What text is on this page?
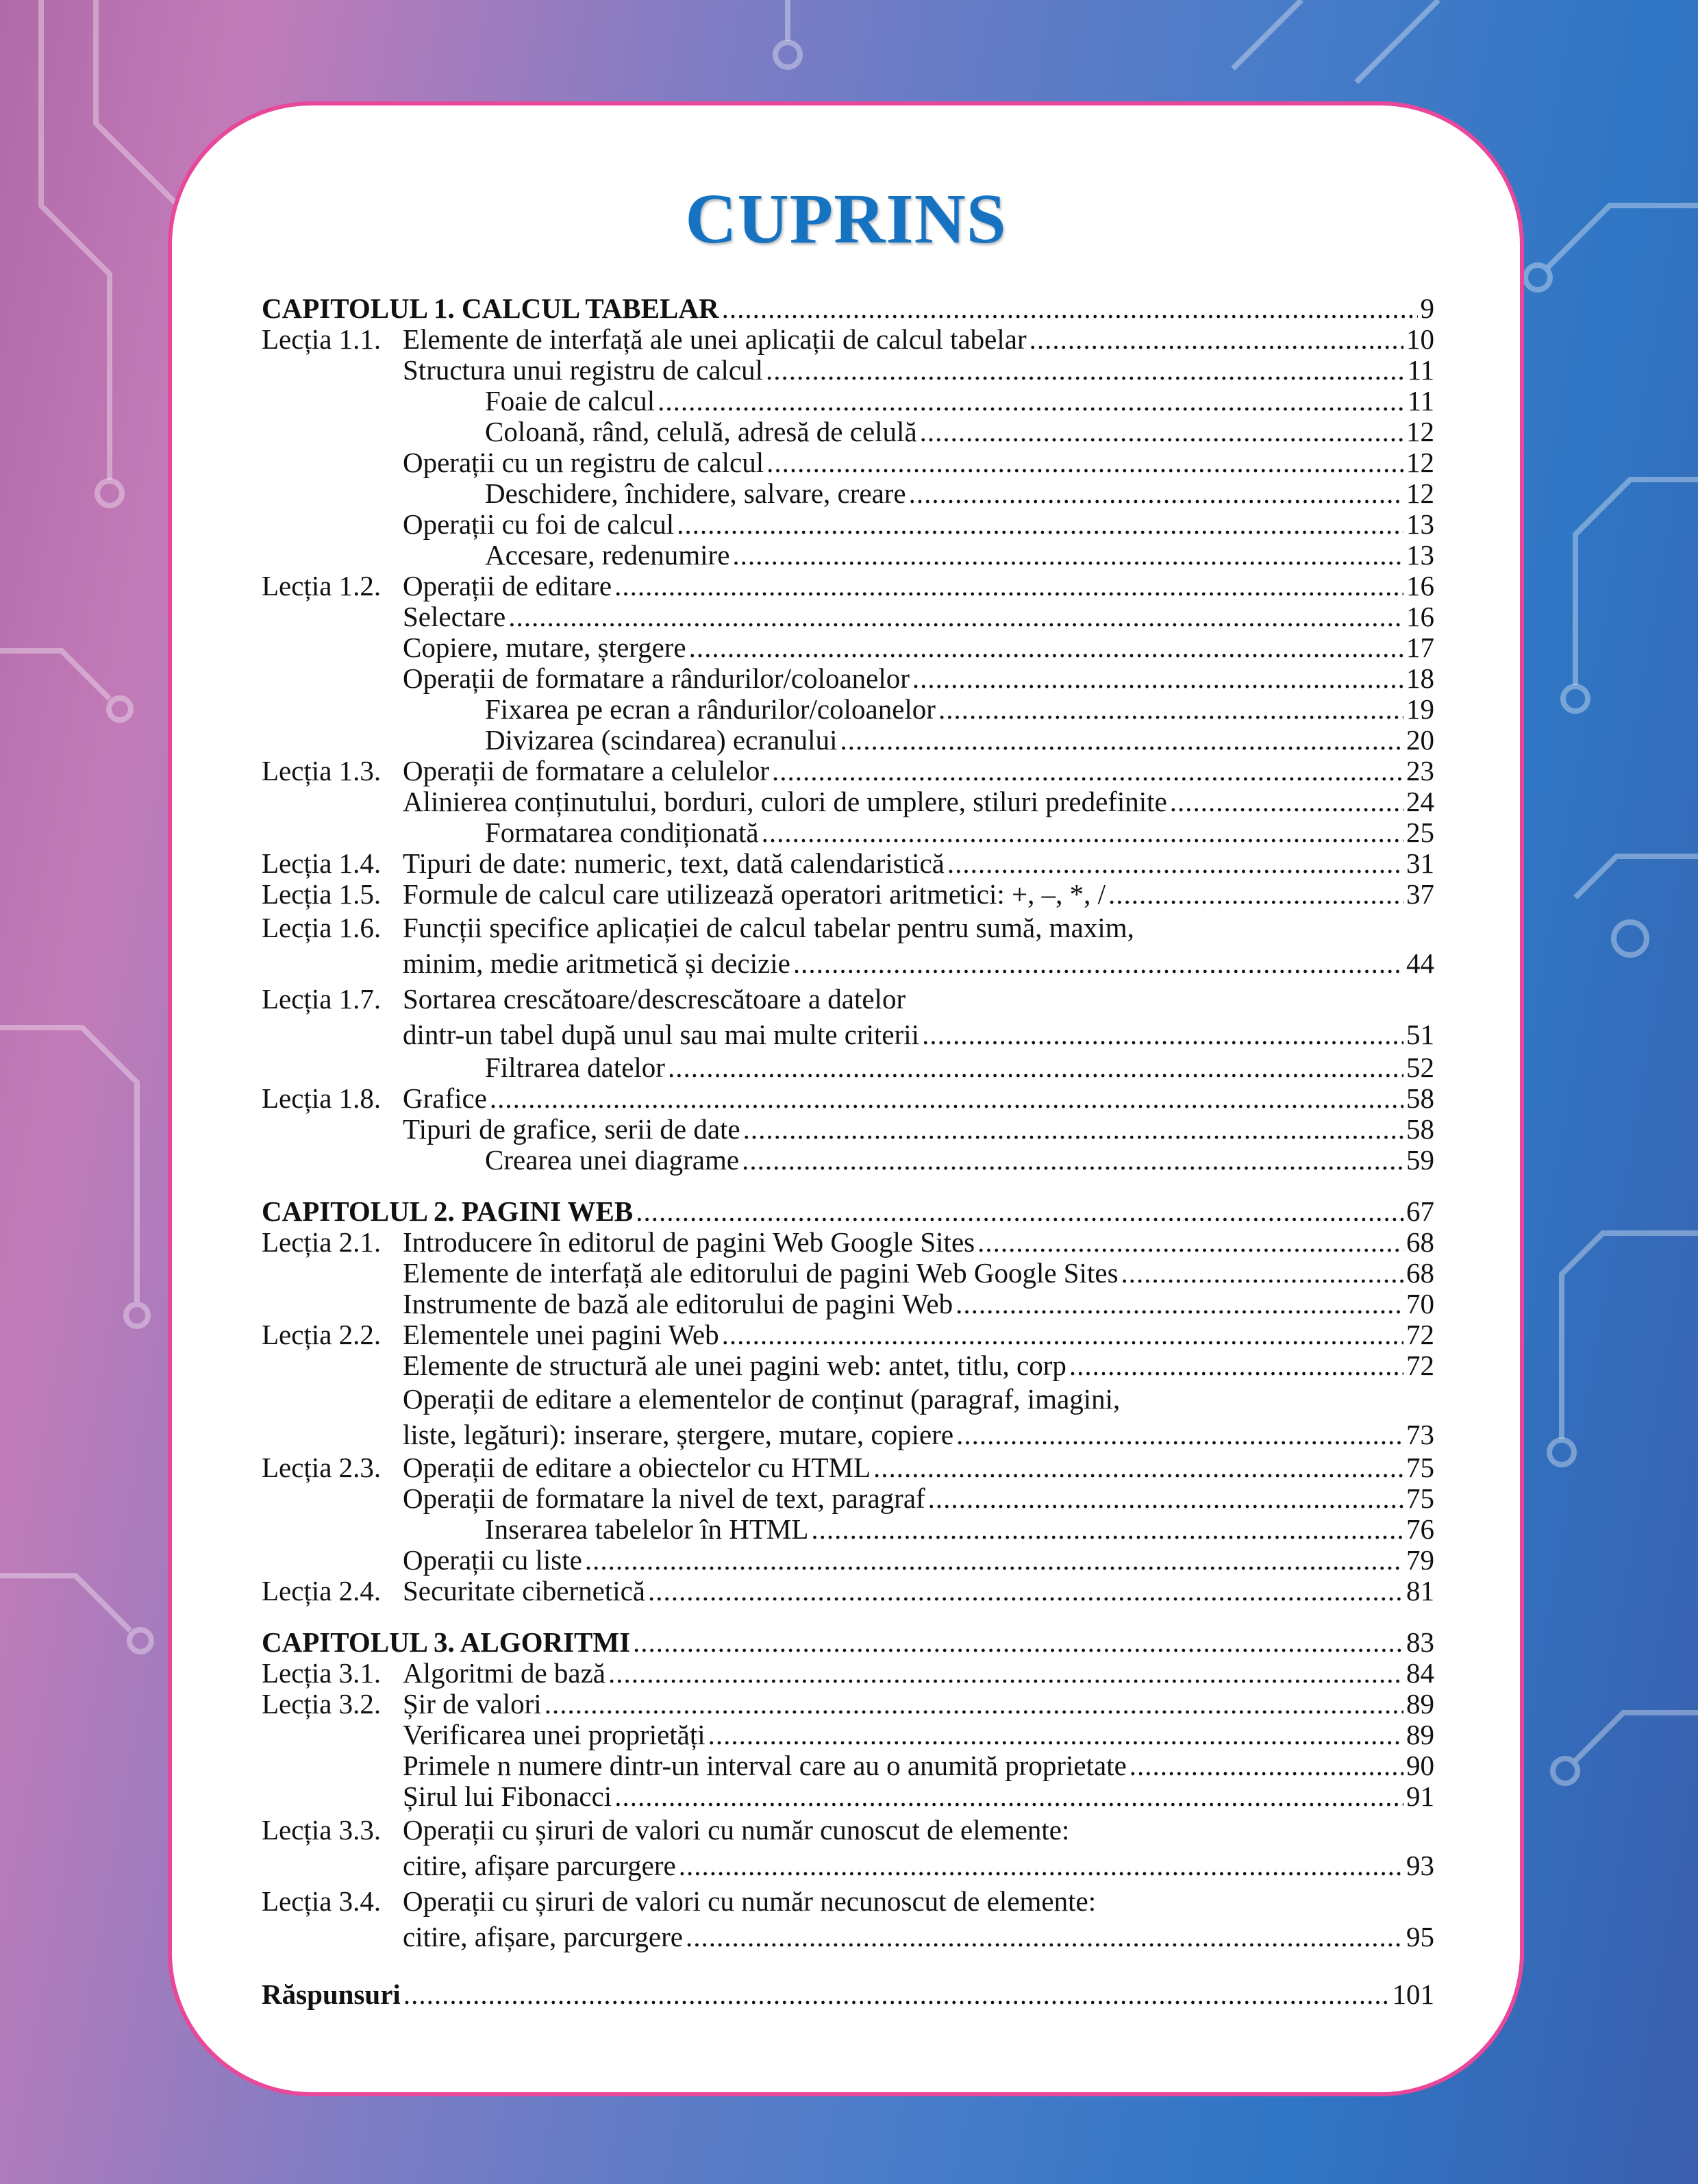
CUPRINS
CAPITOLUL 1. CALCUL TABELAR .....	9
Lecția 1.1. Elemente de interfață ale unei aplicații de calcul tabelar .....	10
Structura unui registru de calcul .....	11
Foaie de calcul .....	11
Coloană, rând, celulă, adresă de celulă .....	12
Operații cu un registru de calcul .....	12
Deschidere, închidere, salvare, creare .....	12
Operații cu foi de calcul .....	13
Accesare, redenumire .....	13
Lecția 1.2. Operații de editare .....	16
Selectare .....	16
Copiere, mutare, ștergere .....	17
Operații de formatare a rândurilor/coloanelor .....	18
Fixarea pe ecran a rândurilor/coloanelor .....	19
Divizarea (scindarea) ecranului .....	20
Lecția 1.3. Operații de formatare a celulelor .....	23
Alinierea conținutului, borduri, culori de umplere, stiluri predefinite .....	24
Formatarea condiționată .....	25
Lecția 1.4. Tipuri de date: numeric, text, dată calendaristică .....	31
Lecția 1.5. Formule de calcul care utilizează operatori aritmetici: +, –, *, / .....	37
Lecția 1.6. Funcții specifice aplicației de calcul tabelar pentru sumă, maxim,
minim, medie aritmetică și decizie .....	44
Lecția 1.7. Sortarea crescătoare/descrescătoare a datelor
dintr-un tabel după unul sau mai multe criterii .....	51
Filtrarea datelor .....	52
Lecția 1.8. Grafice .....	58
Tipuri de grafice, serii de date .....	58
Crearea unei diagrame .....	59
CAPITOLUL 2. PAGINI WEB .....	67
Lecția 2.1. Introducere în editorul de pagini Web Google Sites .....	68
Elemente de interfață ale editorului de pagini Web Google Sites .....	68
Instrumente de bază ale editorului de pagini Web .....	70
Lecția 2.2. Elementele unei pagini Web .....	72
Elemente de structură ale unei pagini web: antet, titlu, corp .....	72
Operații de editare a elementelor de conținut (paragraf, imagini,
liste, legături): inserare, ștergere, mutare, copiere .....	73
Lecția 2.3. Operații de editare a obiectelor cu HTML .....	75
Operații de formatare la nivel de text, paragraf .....	75
Inserarea tabelelor în HTML .....	76
Operații cu liste .....	79
Lecția 2.4. Securitate cibernetică .....	81
CAPITOLUL 3. ALGORITMI .....	83
Lecția 3.1. Algoritmi de bază .....	84
Lecția 3.2. Șir de valori .....	89
Verificarea unei proprietăți .....	89
Primele n numere dintr-un interval care au o anumită proprietate .....	90
Șirul lui Fibonacci .....	91
Lecția 3.3. Operații cu șiruri de valori cu număr cunoscut de elemente:
citire, afișare parcurgere .....	93
Lecția 3.4. Operații cu șiruri de valori cu număr necunoscut de elemente:
citire, afișare, parcurgere .....	95
Răspunsuri .....	101
